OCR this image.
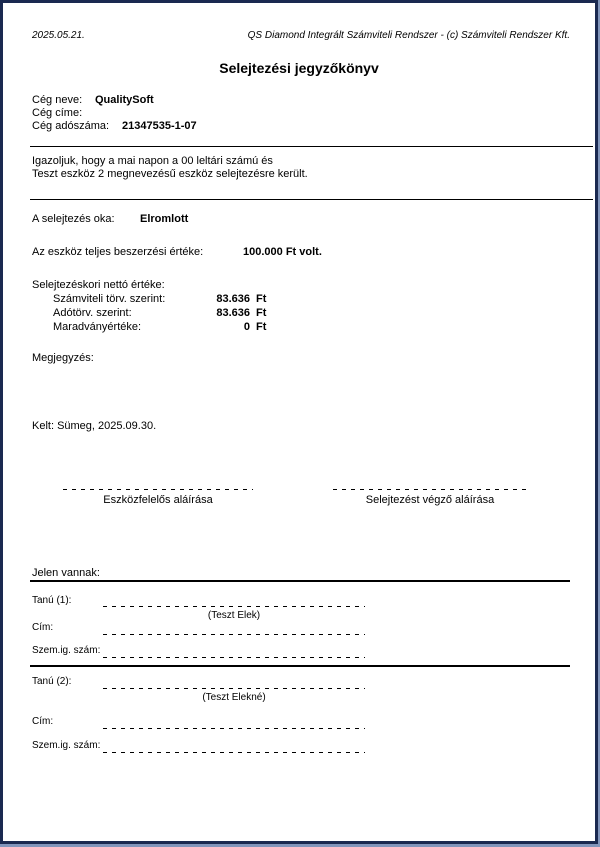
2025.05.21.	QS Diamond Integrált Számviteli Rendszer - (c) Számviteli Rendszer Kft.
Selejtezési jegyzőkönyv
Cég neve: QualitySoft
Cég címe:
Cég adószáma: 21347535-1-07
Igazoljuk, hogy a mai napon a 00 leltári számú és
Teszt eszköz 2 megnevezésű eszköz selejtezésre került.
A selejtezés oka: Elromlott
Az eszköz teljes beszerzési értéke:	100.000 Ft volt.
Selejtezéskori nettó értéke:
Számviteli törv. szerint:	83.636 Ft
Adótörv. szerint:	83.636 Ft
Maradványértéke:	0 Ft
Megjegyzés:
Kelt: Sümeg, 2025.09.30.
Eszközfelelős aláírása	Selejtezést végző aláírása
Jelen vannak:
Tanú (1):
(Teszt Elek)
Cím:
Szem.ig. szám:
Tanú (2):
(Teszt Elekné)
Cím:
Szem.ig. szám:
